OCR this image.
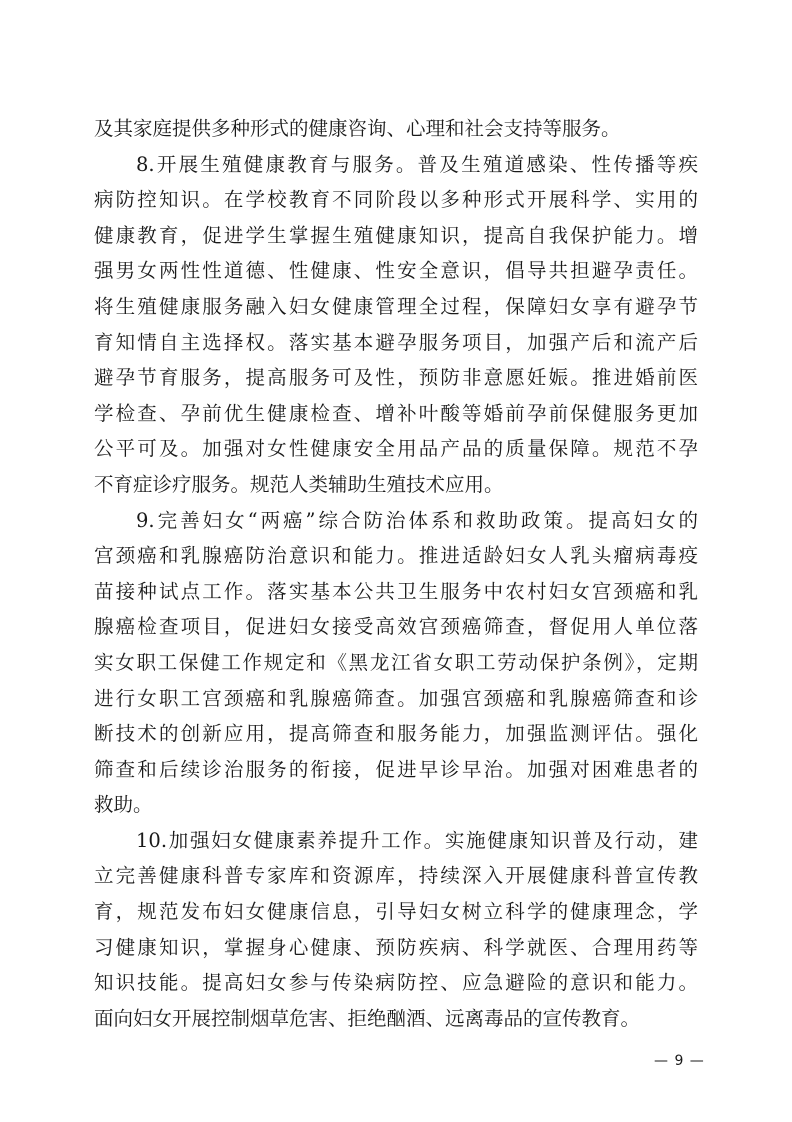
及其家庭提供多种形式的健康咨询、心理和社会支持等服务。
8.开展生殖健康教育与服务。普及生殖道感染、性传播等疾
病防控知识。在学校教育不同阶段以多种形式开展科学、实用的
健康教育，促进学生掌握生殖健康知识，提高自我保护能力。增
强男女两性性道德、性健康、性安全意识，倡导共担避孕责任。
将生殖健康服务融入妇女健康管理全过程，保障妇女享有避孕节
育知情自主选择权。落实基本避孕服务项目，加强产后和流产后
避孕节育服务，提高服务可及性，预防非意愿妊娠。推进婚前医
学检查、孕前优生健康检查、增补叶酸等婚前孕前保健服务更加
公平可及。加强对女性健康安全用品产品的质量保障。规范不孕
不育症诊疗服务。规范人类辅助生殖技术应用。
9.完善妇女“两癌”综合防治体系和救助政策。提高妇女的
宫颈癌和乳腺癌防治意识和能力。推进适龄妇女人乳头瘤病毒疫
苗接种试点工作。落实基本公共卫生服务中农村妇女宫颈癌和乳
腺癌检查项目，促进妇女接受高效宫颈癌筛查，督促用人单位落
实女职工保健工作规定和《黑龙江省女职工劳动保护条例》，定期
进行女职工宫颈癌和乳腺癌筛查。加强宫颈癌和乳腺癌筛查和诊
断技术的创新应用，提高筛查和服务能力，加强监测评估。强化
筛查和后续诊治服务的衔接，促进早诊早治。加强对困难患者的
救助。
10.加强妇女健康素养提升工作。实施健康知识普及行动，建
立完善健康科普专家库和资源库，持续深入开展健康科普宣传教
育，规范发布妇女健康信息，引导妇女树立科学的健康理念，学
习健康知识，掌握身心健康、预防疾病、科学就医、合理用药等
知识技能。提高妇女参与传染病防控、应急避险的意识和能力。
面向妇女开展控制烟草危害、拒绝酗酒、远离毒品的宣传教育。
— 9 —
